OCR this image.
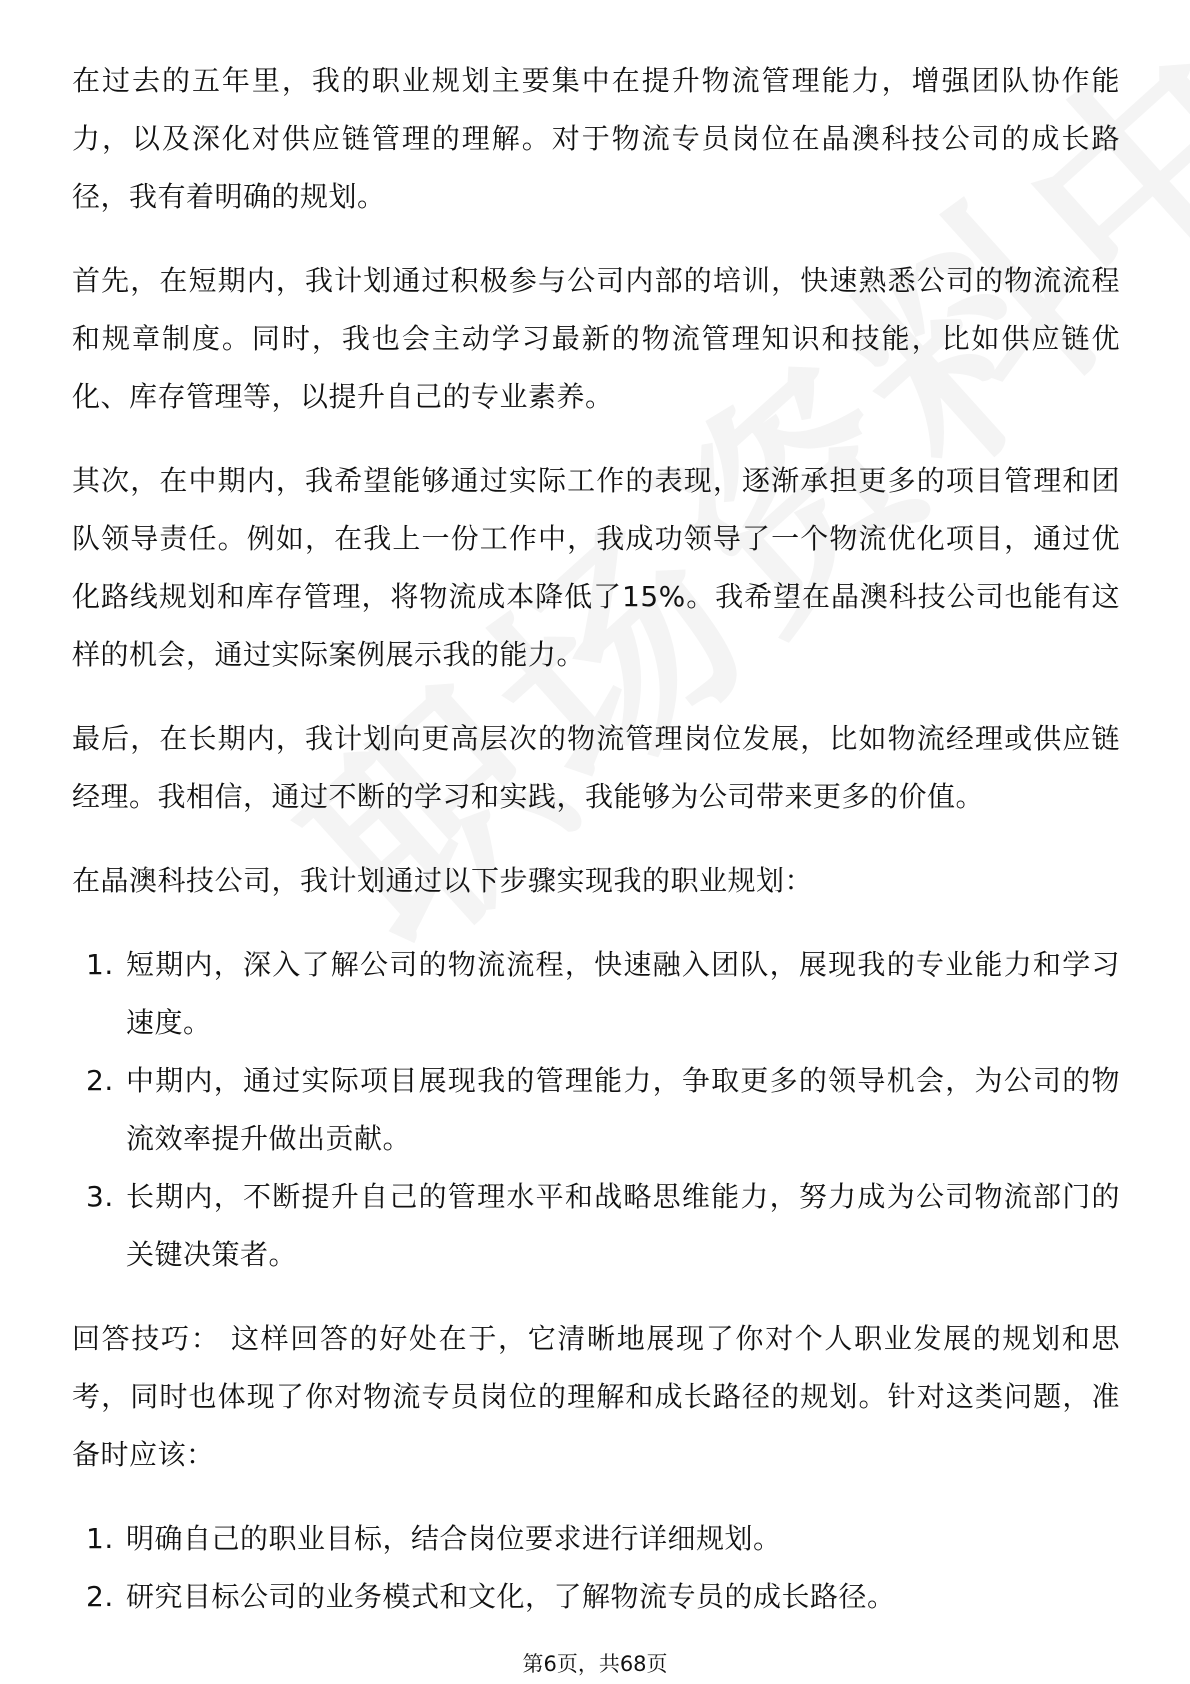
在过去的五年里，我的职业规划主要集中在提升物流管理能力，增强团队协作能力，以及深化对供应链管理的理解。对于物流专员岗位在晶澳科技公司的成长路径，我有着明确的规划。

首先，在短期内，我计划通过积极参与公司内部的培训，快速熟悉公司的物流流程和规章制度。同时，我也会主动学习最新的物流管理知识和技能，比如供应链优化、库存管理等，以提升自己的专业素养。

其次，在中期内，我希望能够通过实际工作的表现，逐渐承担更多的项目管理和团队领导责任。例如，在我上一份工作中，我成功领导了一个物流优化项目，通过优化路线规划和库存管理，将物流成本降低了15%。我希望在晶澳科技公司也能有这样的机会，通过实际案例展示我的能力。

最后，在长期内，我计划向更高层次的物流管理岗位发展，比如物流经理或供应链经理。我相信，通过不断的学习和实践，我能够为公司带来更多的价值。

在晶澳科技公司，我计划通过以下步骤实现我的职业规划：

1. 短期内，深入了解公司的物流流程，快速融入团队，展现我的专业能力和学习速度。
2. 中期内，通过实际项目展现我的管理能力，争取更多的领导机会，为公司的物流效率提升做出贡献。
3. 长期内，不断提升自己的管理水平和战略思维能力，努力成为公司物流部门的关键决策者。

回答技巧： 这样回答的好处在于，它清晰地展现了你对个人职业发展的规划和思考，同时也体现了你对物流专员岗位的理解和成长路径的规划。针对这类问题，准备时应该：

1. 明确自己的职业目标，结合岗位要求进行详细规划。
2. 研究目标公司的业务模式和文化，了解物流专员的成长路径。
第6页，共68页
